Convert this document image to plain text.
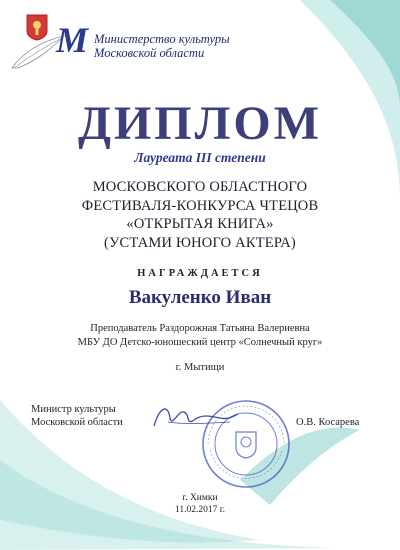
М Министерство культуры
Московской области
ДИПЛОМ
Лауреата III степени
МОСКОВСКОГО ОБЛАСТНОГО
ФЕСТИВАЛЯ-КОНКУРСА ЧТЕЦОВ
«ОТКРЫТАЯ КНИГА»
(УСТАМИ ЮНОГО АКТЕРА)
НАГРАЖДАЕТСЯ
Вакуленко Иван
Преподаватель Раздорожная Татьяна Валериевна
МБУ ДО Детско-юношеский центр «Солнечный круг»
г. Мытищи
Министр культуры
Московской области	О.В. Косарева
г. Химки
11.02.2017 г.
